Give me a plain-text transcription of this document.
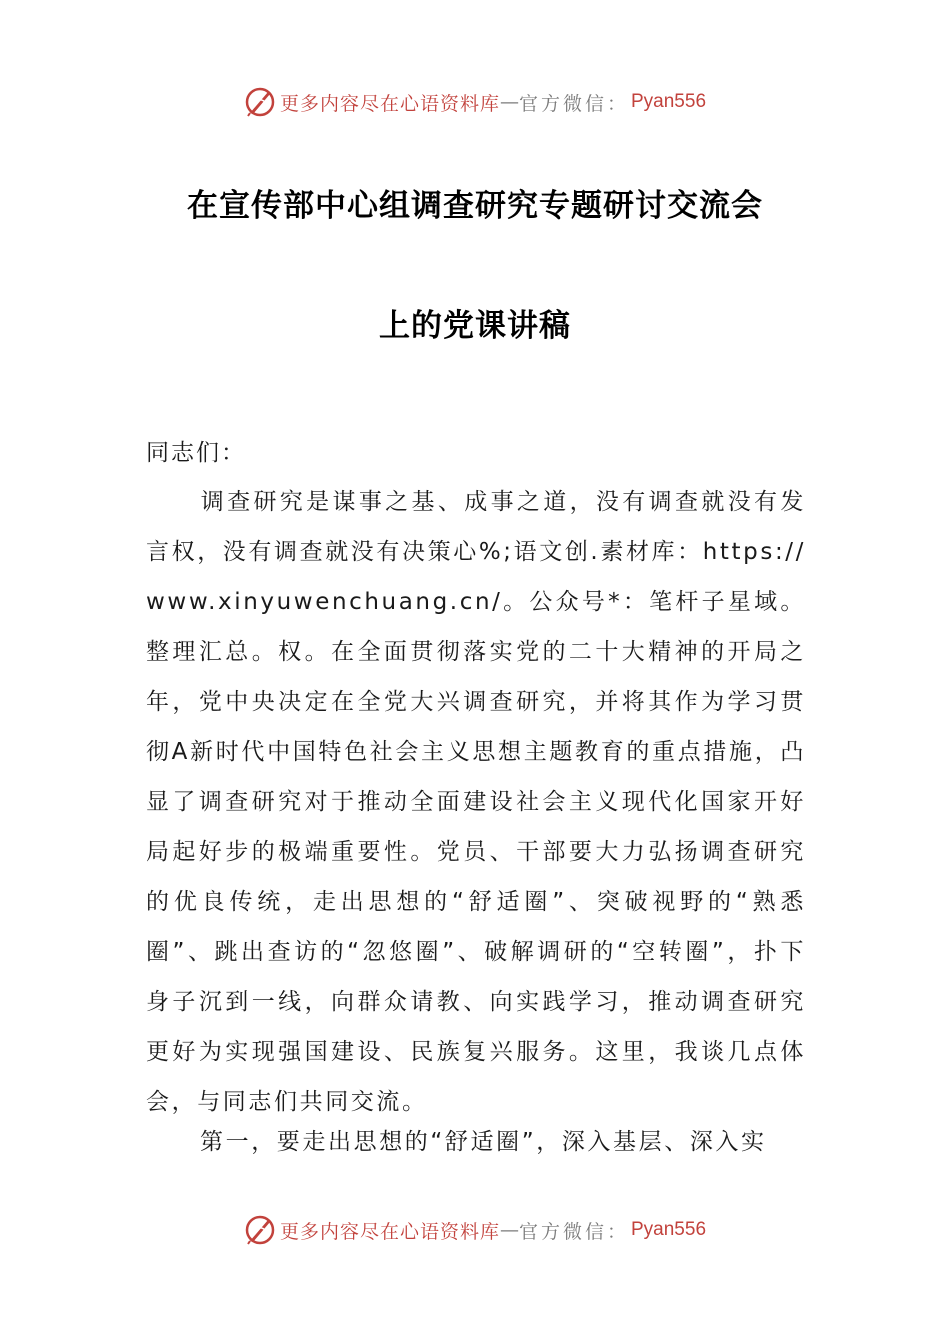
更多内容尽在心语资料库 — 官方微信： Pyan556
在宣传部中心组调查研究专题研讨交流会
上的党课讲稿
同志们：

调查研究是谋事之基、成事之道，没有调查就没有发言权，没有调查就没有决策心%;语文创.素材库：https://www.xinyuwenchuang.cn/。公众号*：笔杆子星域。整理汇总。权。在全面贯彻落实党的二十大精神的开局之年，党中央决定在全党大兴调查研究，并将其作为学习贯彻A新时代中国特色社会主义思想主题教育的重点措施，凸显了调查研究对于推动全面建设社会主义现代化国家开好局起好步的极端重要性。党员、干部要大力弘扬调查研究的优良传统，走出思想的“舒适圈”、突破视野的“熟悉圈”、跳出查访的“忽悠圈”、破解调研的“空转圈”，扑下身子沉到一线，向群众请教、向实践学习，推动调查研究更好为实现强国建设、民族复兴服务。这里，我谈几点体会，与同志们共同交流。

第一，要走出思想的“舒适圈”，深入基层、深入实

更多内容尽在心语资料库 — 官方微信： Pyan556
